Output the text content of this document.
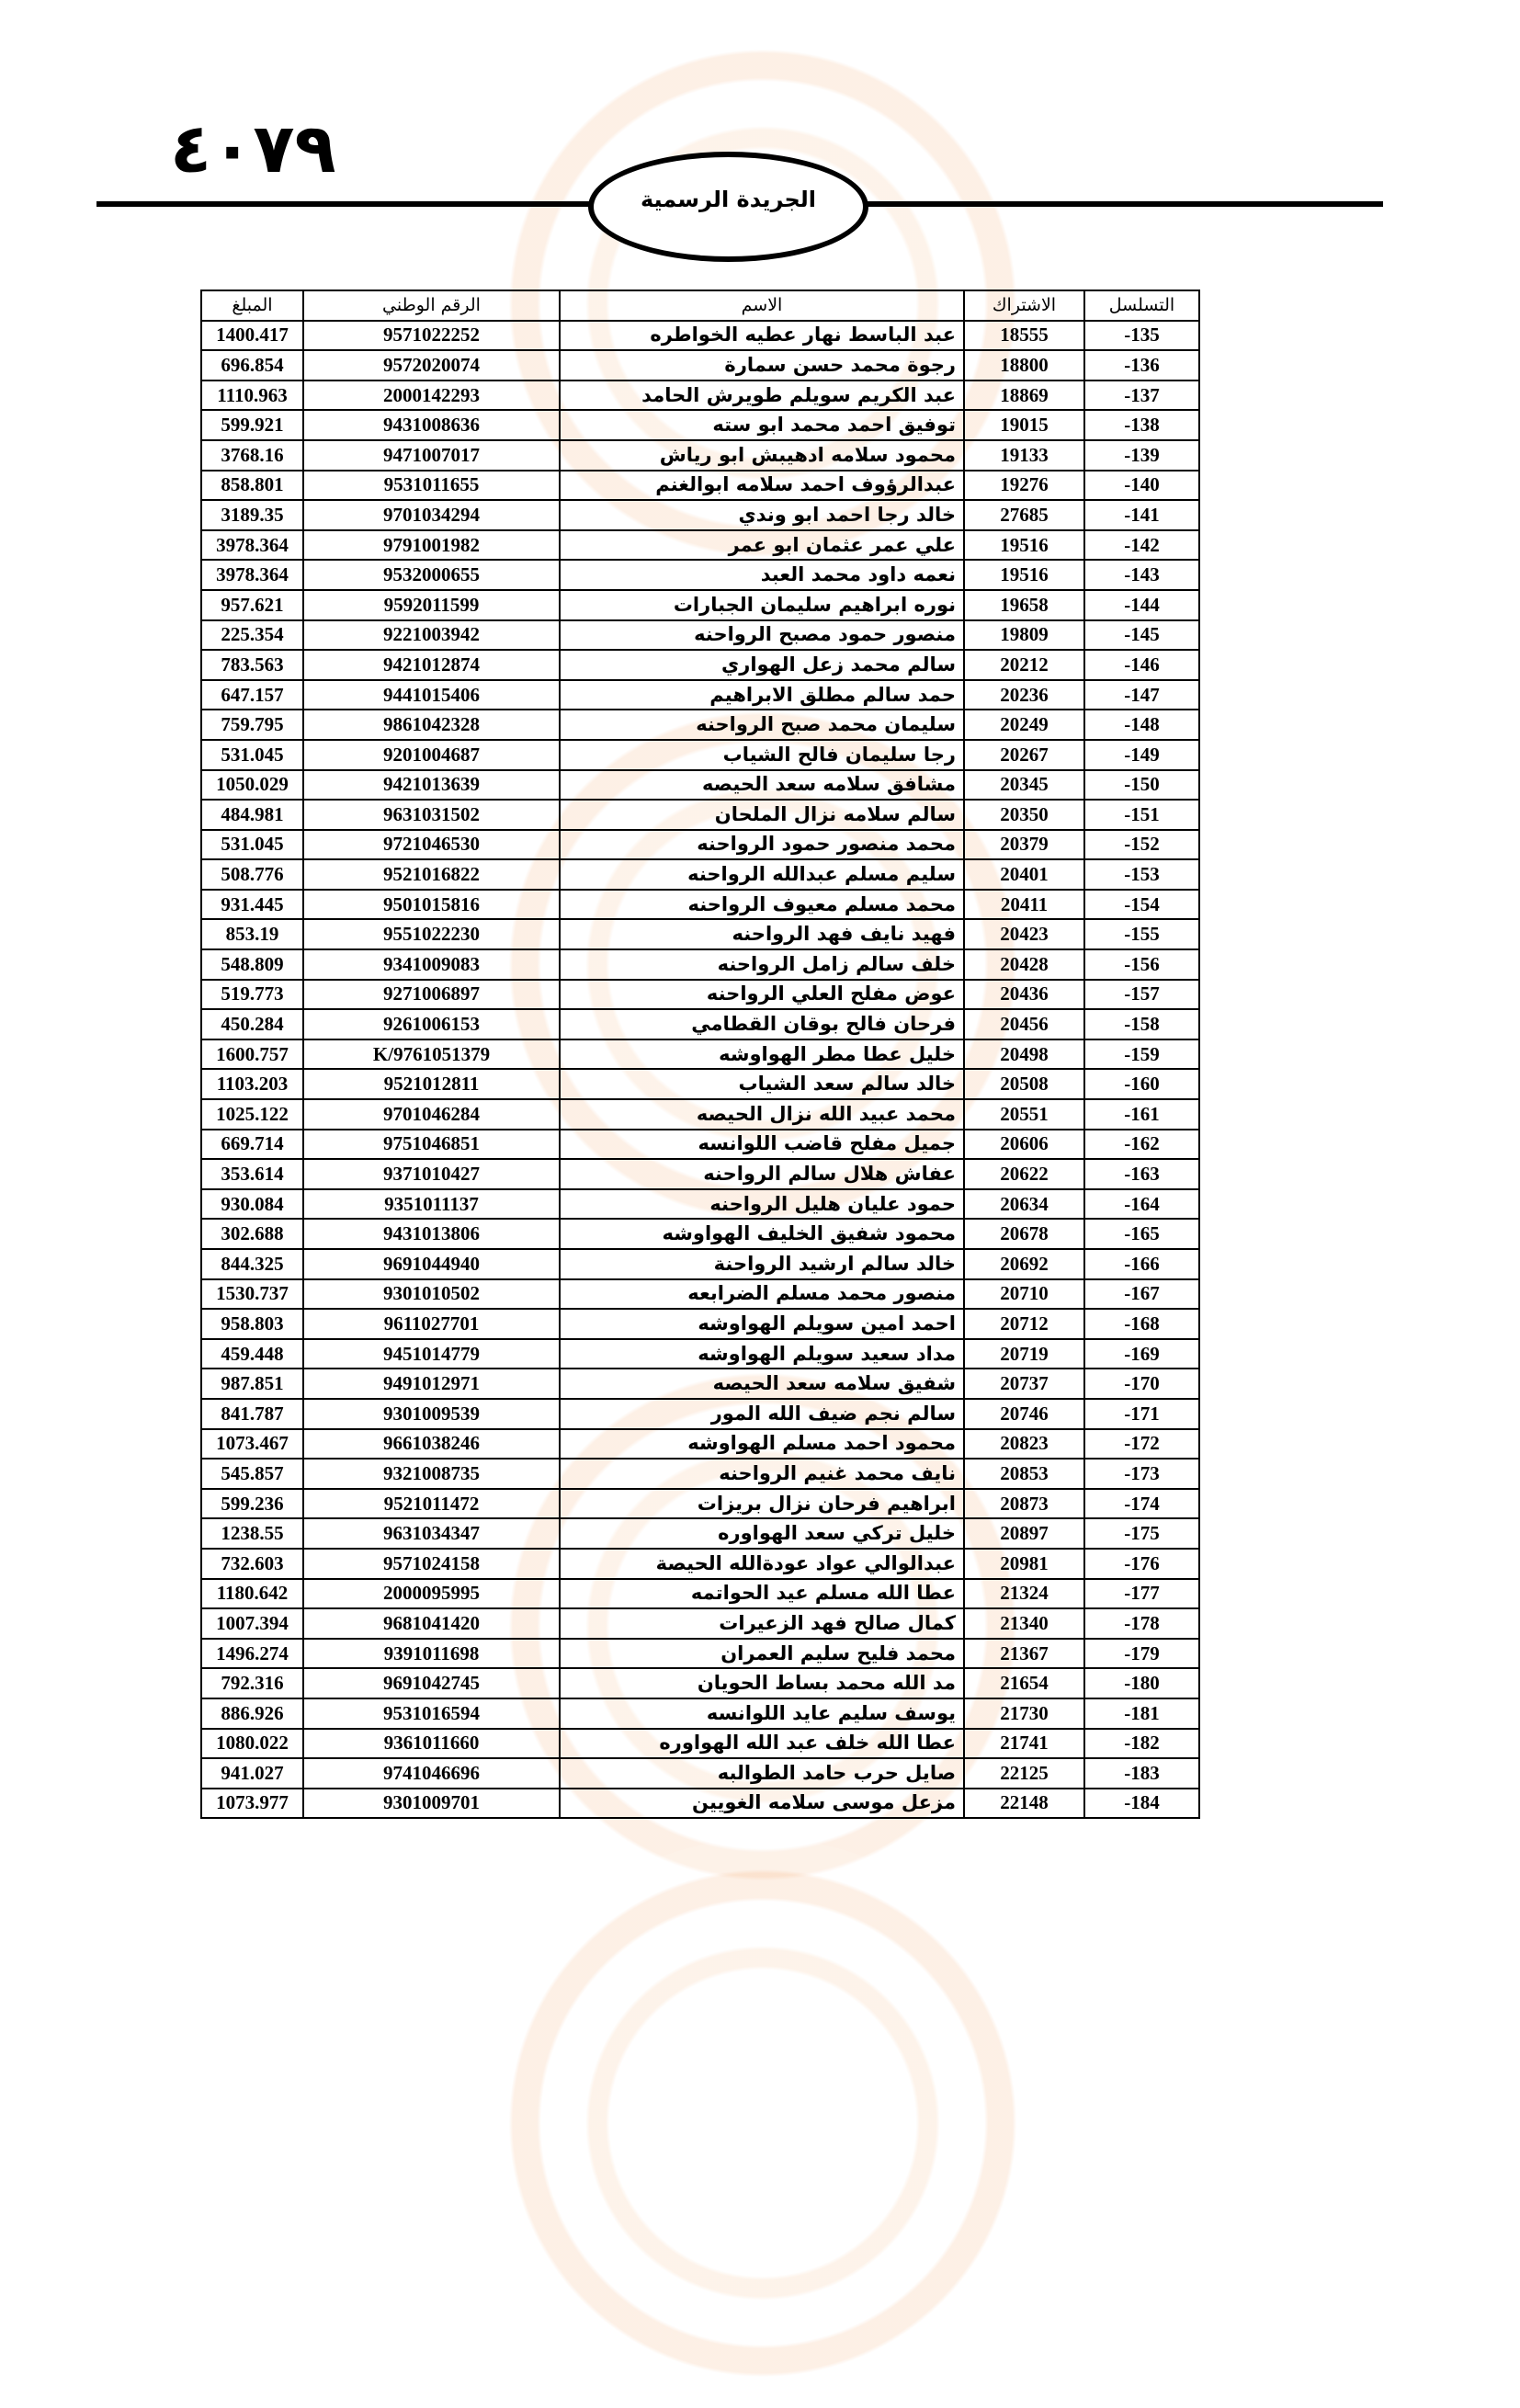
٤٠٧٩
الجريدة الرسمية
التسلسل	الاشتراك	الاسم	الرقم الوطني	المبلغ
135-	18555	عبد الباسط نهار عطيه الخواطره	9571022252	1400.417
136-	18800	رجوة محمد حسن سمارة	9572020074	696.854
137-	18869	عبد الكريم سويلم طويرش الحامد	2000142293	1110.963
138-	19015	توفيق احمد محمد ابو سته	9431008636	599.921
139-	19133	محمود سلامه ادهيبش ابو رياش	9471007017	3768.16
140-	19276	عبدالرؤوف احمد سلامه ابوالغنم	9531011655	858.801
141-	27685	خالد رجا احمد ابو وندي	9701034294	3189.35
142-	19516	علي عمر عثمان ابو عمر	9791001982	3978.364
143-	19516	نعمه داود محمد العبد	9532000655	3978.364
144-	19658	نوره ابراهيم سليمان الجبارات	9592011599	957.621
145-	19809	منصور حمود مصبح الرواحنه	9221003942	225.354
146-	20212	سالم محمد زعل الهواري	9421012874	783.563
147-	20236	حمد سالم مطلق الابراهيم	9441015406	647.157
148-	20249	سليمان محمد صبح الرواحنه	9861042328	759.795
149-	20267	رجا سليمان فالح الشياب	9201004687	531.045
150-	20345	مشافق سلامه سعد الحيصه	9421013639	1050.029
151-	20350	سالم سلامه نزال الملحان	9631031502	484.981
152-	20379	محمد منصور حمود الرواحنه	9721046530	531.045
153-	20401	سليم مسلم عبدالله الرواحنه	9521016822	508.776
154-	20411	محمد مسلم معيوف الرواحنه	9501015816	931.445
155-	20423	فهيد نايف فهد الرواحنه	9551022230	853.19
156-	20428	خلف سالم زامل الرواحنه	9341009083	548.809
157-	20436	عوض مفلح العلي الرواحنه	9271006897	519.773
158-	20456	فرحان فالح بوقان القطامي	9261006153	450.284
159-	20498	خليل عطا مطر الهواوشه	K/9761051379	1600.757
160-	20508	خالد سالم سعد الشياب	9521012811	1103.203
161-	20551	محمد عبيد الله نزال الحيصه	9701046284	1025.122
162-	20606	جميل مفلح قاضب اللوانسه	9751046851	669.714
163-	20622	عفاش هلال سالم الرواحنه	9371010427	353.614
164-	20634	حمود عليان هليل الرواحنه	9351011137	930.084
165-	20678	محمود شفيق الخليف الهواوشه	9431013806	302.688
166-	20692	خالد سالم ارشيد الرواحنة	9691044940	844.325
167-	20710	منصور محمد مسلم الضرابعه	9301010502	1530.737
168-	20712	احمد امين سويلم الهواوشه	9611027701	958.803
169-	20719	مداد سعيد سويلم الهواوشه	9451014779	459.448
170-	20737	شفيق سلامه سعد الحيصه	9491012971	987.851
171-	20746	سالم نجم ضيف الله المور	9301009539	841.787
172-	20823	محمود احمد مسلم الهواوشه	9661038246	1073.467
173-	20853	نايف محمد غنيم الرواحنه	9321008735	545.857
174-	20873	ابراهيم فرحان نزال بريزات	9521011472	599.236
175-	20897	خليل تركي سعد الهواوره	9631034347	1238.55
176-	20981	عبدالوالي عواد عودةالله الحيصة	9571024158	732.603
177-	21324	عطا الله مسلم عيد الحواتمه	2000095995	1180.642
178-	21340	كمال صالح فهد الزعيرات	9681041420	1007.394
179-	21367	محمد فليح سليم العمران	9391011698	1496.274
180-	21654	مد الله محمد بساط الحويان	9691042745	792.316
181-	21730	يوسف سليم عايد اللوانسه	9531016594	886.926
182-	21741	عطا الله خلف عبد الله الهواوره	9361011660	1080.022
183-	22125	صايل حرب حامد الطوالبه	9741046696	941.027
184-	22148	مزعل موسى سلامه الغويين	9301009701	1073.977
